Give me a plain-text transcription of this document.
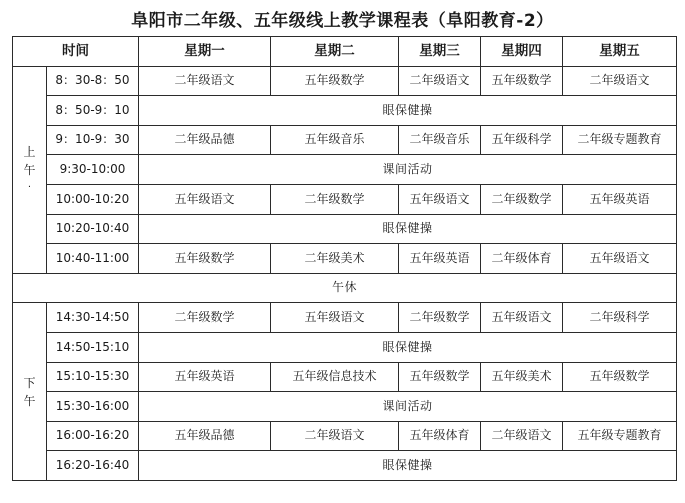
阜阳市二年级、五年级线上教学课程表（阜阳教育-2）
时间		星期一	星期二	星期三	星期四	星期五

上
午
·	8：30-8：50	二年级语文	五年级数学	二年级语文	五年级数学	二年级语文
	8：50-9：10	眼保健操				
	9：10-9：30	二年级品德	五年级音乐	二年级音乐	五年级科学	二年级专题教育
	9:30-10:00	课间活动				
	10:00-10:20	五年级语文	二年级数学	五年级语文	二年级数学	五年级英语
	10:20-10:40	眼保健操				
	10:40-11:00	五年级数学	二年级美术	五年级英语	二年级体育	五年级语文
午休						

下
午	14:30-14:50	二年级数学	五年级语文	二年级数学	五年级语文	二年级科学
	14:50-15:10	眼保健操				
	15:10-15:30	五年级英语	五年级信息技术	五年级数学	五年级美术	五年级数学
	15:30-16:00	课间活动				
	16:00-16:20	五年级品德	二年级语文	五年级体育	二年级语文	五年级专题教育
	16:20-16:40	眼保健操				
